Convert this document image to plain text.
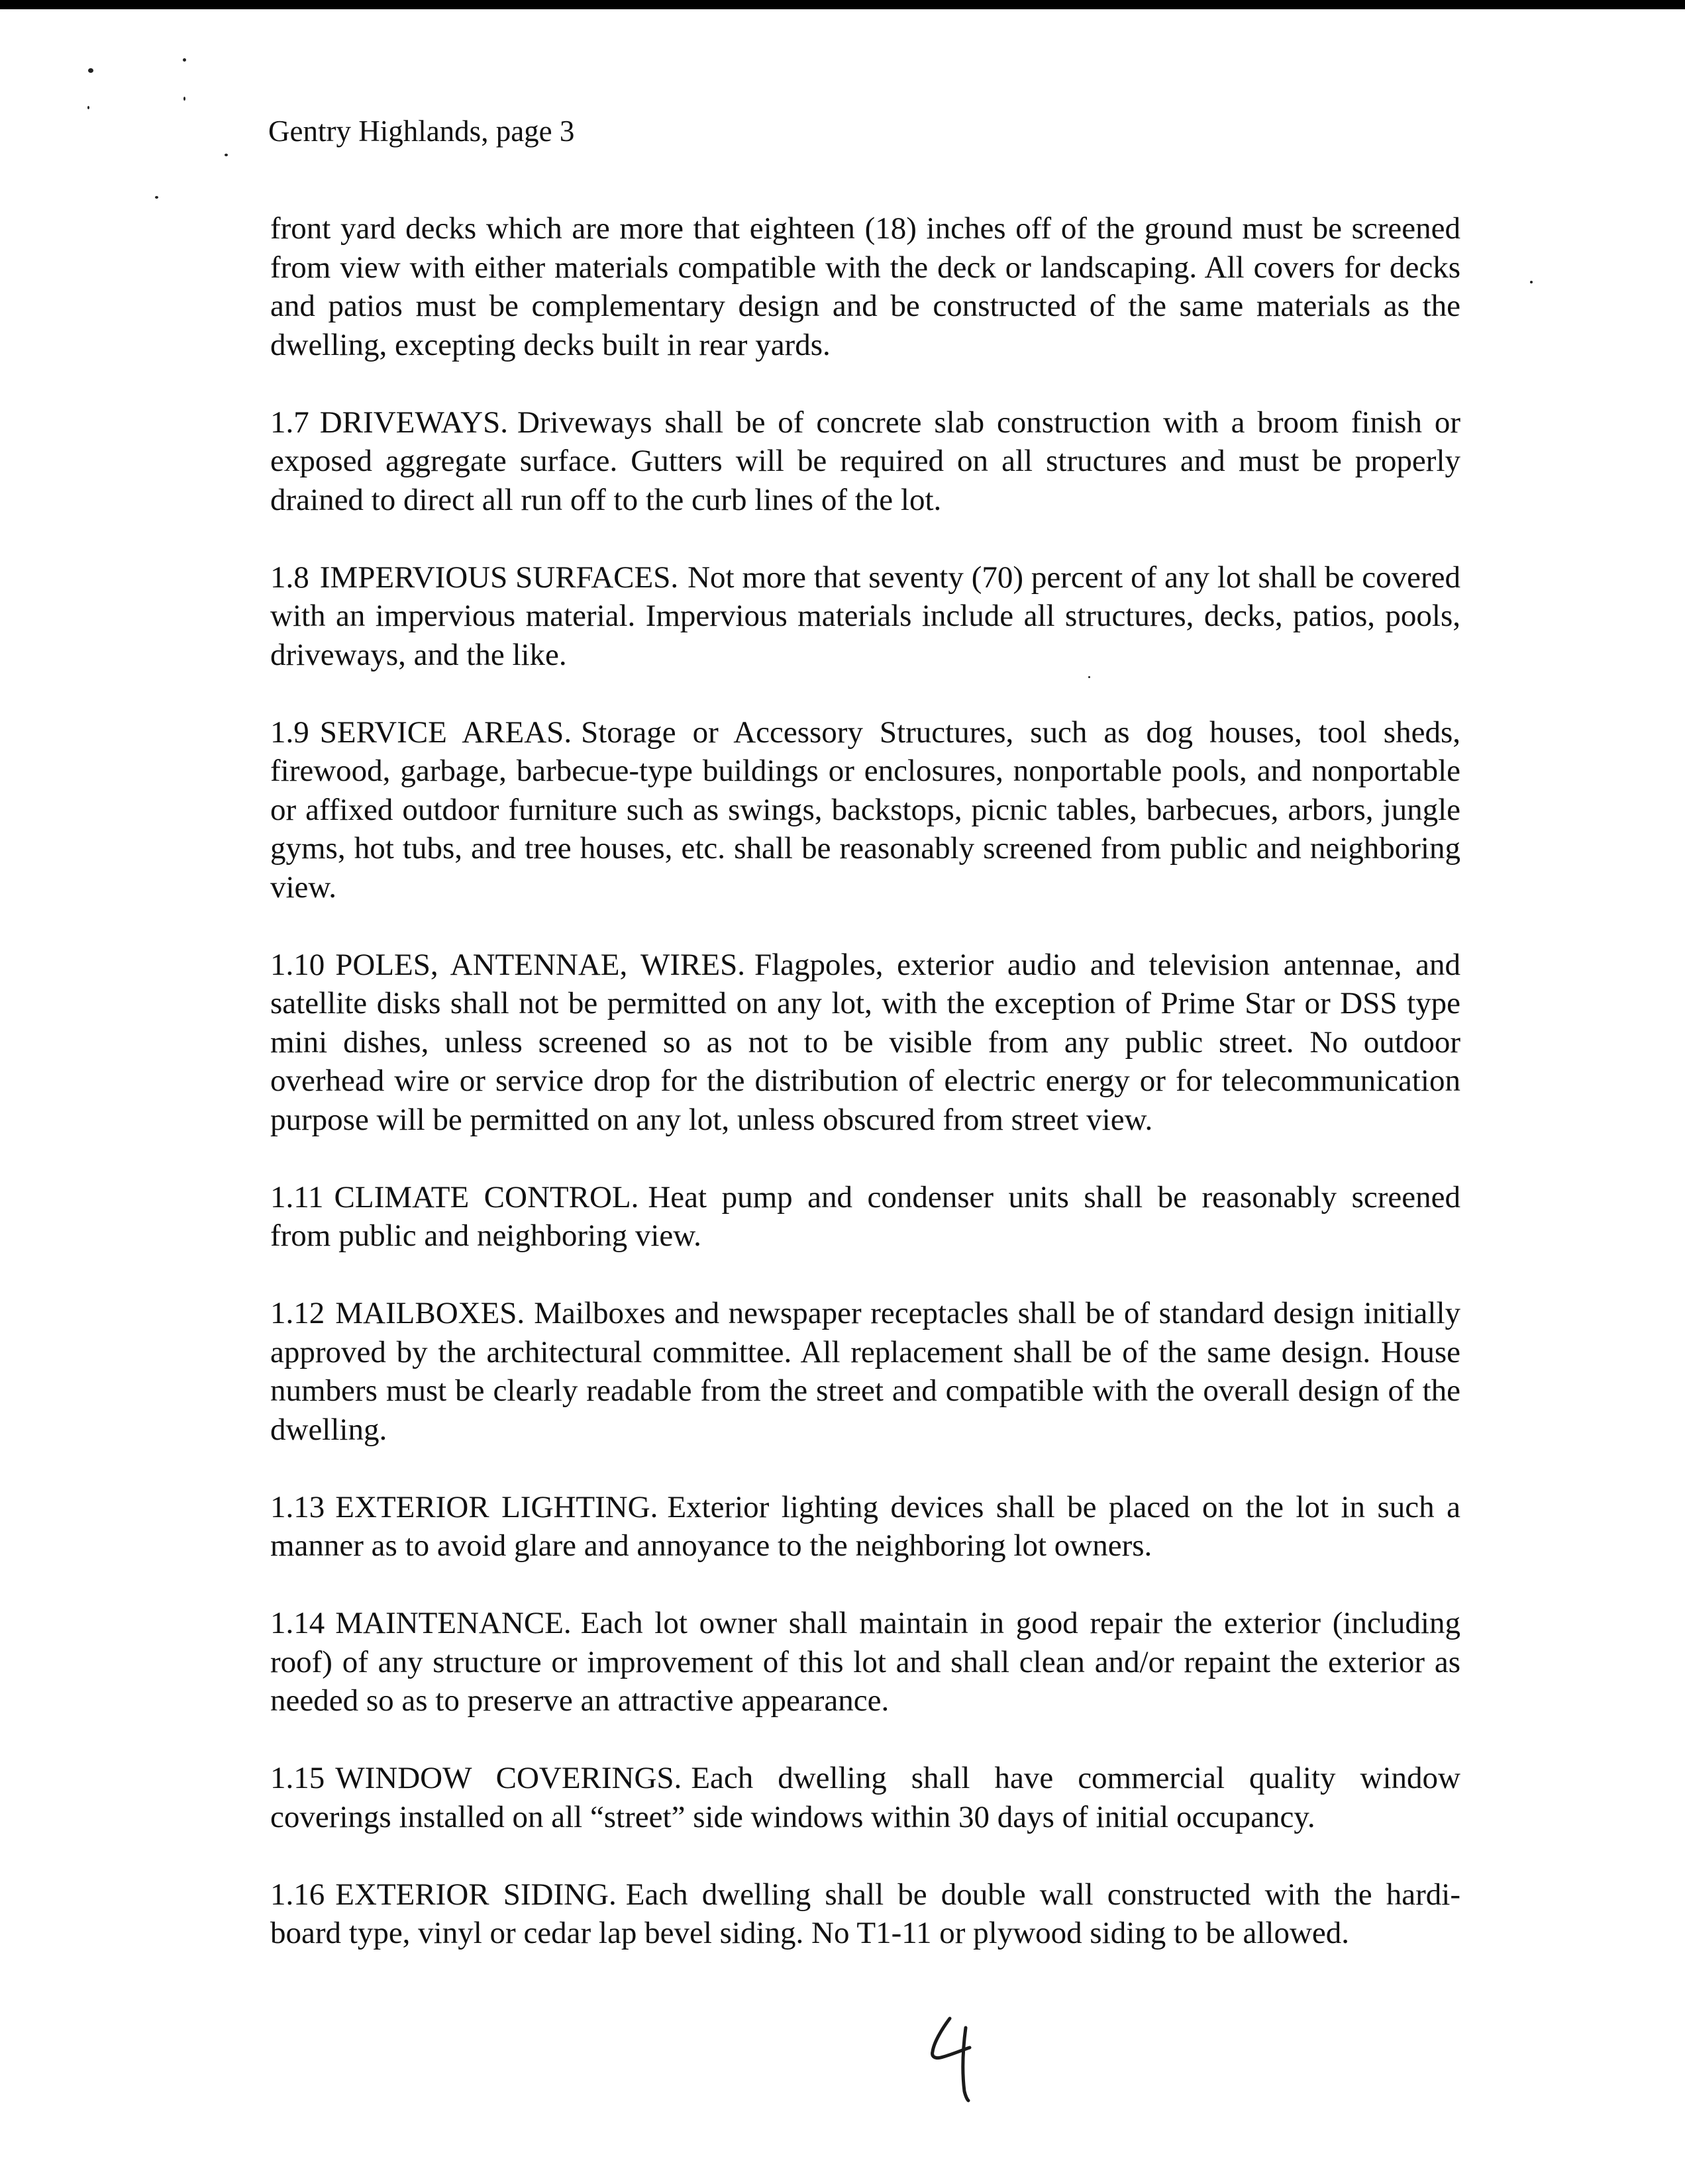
Gentry Highlands, page 3

front yard decks which are more that eighteen (18) inches off of the ground must be screened from view with either materials compatible with the deck or landscaping. All covers for decks and patios must be complementary design and be constructed of the same materials as the dwelling, excepting decks built in rear yards.

1.7 DRIVEWAYS. Driveways shall be of concrete slab construction with a broom finish or exposed aggregate surface. Gutters will be required on all structures and must be properly drained to direct all run off to the curb lines of the lot.

1.8 IMPERVIOUS SURFACES. Not more that seventy (70) percent of any lot shall be covered with an impervious material. Impervious materials include all structures, decks, patios, pools, driveways, and the like.

1.9 SERVICE AREAS. Storage or Accessory Structures, such as dog houses, tool sheds, firewood, garbage, barbecue-type buildings or enclosures, nonportable pools, and nonportable or affixed outdoor furniture such as swings, backstops, picnic tables, barbecues, arbors, jungle gyms, hot tubs, and tree houses, etc. shall be reasonably screened from public and neighboring view.

1.10 POLES, ANTENNAE, WIRES. Flagpoles, exterior audio and television antennae, and satellite disks shall not be permitted on any lot, with the exception of Prime Star or DSS type mini dishes, unless screened so as not to be visible from any public street. No outdoor overhead wire or service drop for the distribution of electric energy or for telecommunication purpose will be permitted on any lot, unless obscured from street view.

1.11 CLIMATE CONTROL. Heat pump and condenser units shall be reasonably screened from public and neighboring view.

1.12 MAILBOXES. Mailboxes and newspaper receptacles shall be of standard design initially approved by the architectural committee. All replacement shall be of the same design. House numbers must be clearly readable from the street and compatible with the overall design of the dwelling.

1.13 EXTERIOR LIGHTING. Exterior lighting devices shall be placed on the lot in such a manner as to avoid glare and annoyance to the neighboring lot owners.

1.14 MAINTENANCE. Each lot owner shall maintain in good repair the exterior (including roof) of any structure or improvement of this lot and shall clean and/or repaint the exterior as needed so as to preserve an attractive appearance.

1.15 WINDOW COVERINGS. Each dwelling shall have commercial quality window coverings installed on all “street” side windows within 30 days of initial occupancy.

1.16 EXTERIOR SIDING. Each dwelling shall be double wall constructed with the hardi-board type, vinyl or cedar lap bevel siding. No T1-11 or plywood siding to be allowed.
